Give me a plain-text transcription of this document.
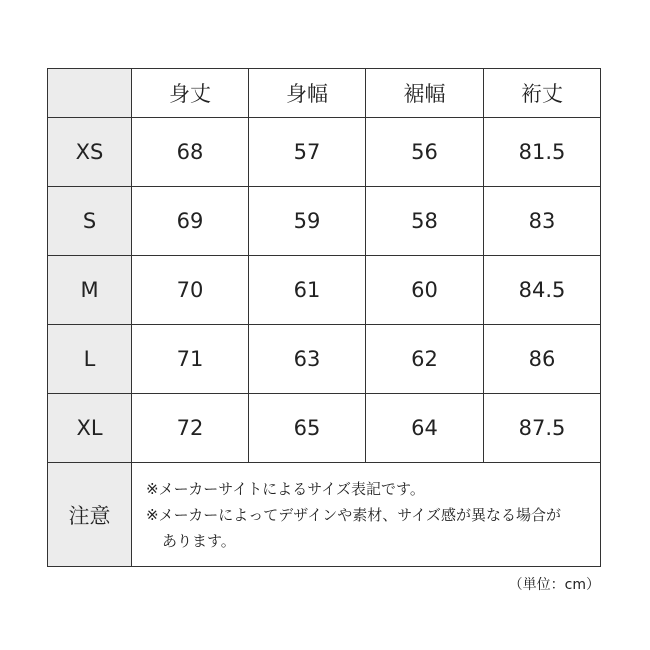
	身丈	身幅	裾幅	裄丈
XS	68	57	56	81.5
S	69	59	58	83
M	70	61	60	84.5
L	71	63	62	86
XL	72	65	64	87.5
注意	※メーカーサイトによるサイズ表記です。
※メーカーによってデザインや素材、サイズ感が異なる場合が
あります。			
（単位：cm）
